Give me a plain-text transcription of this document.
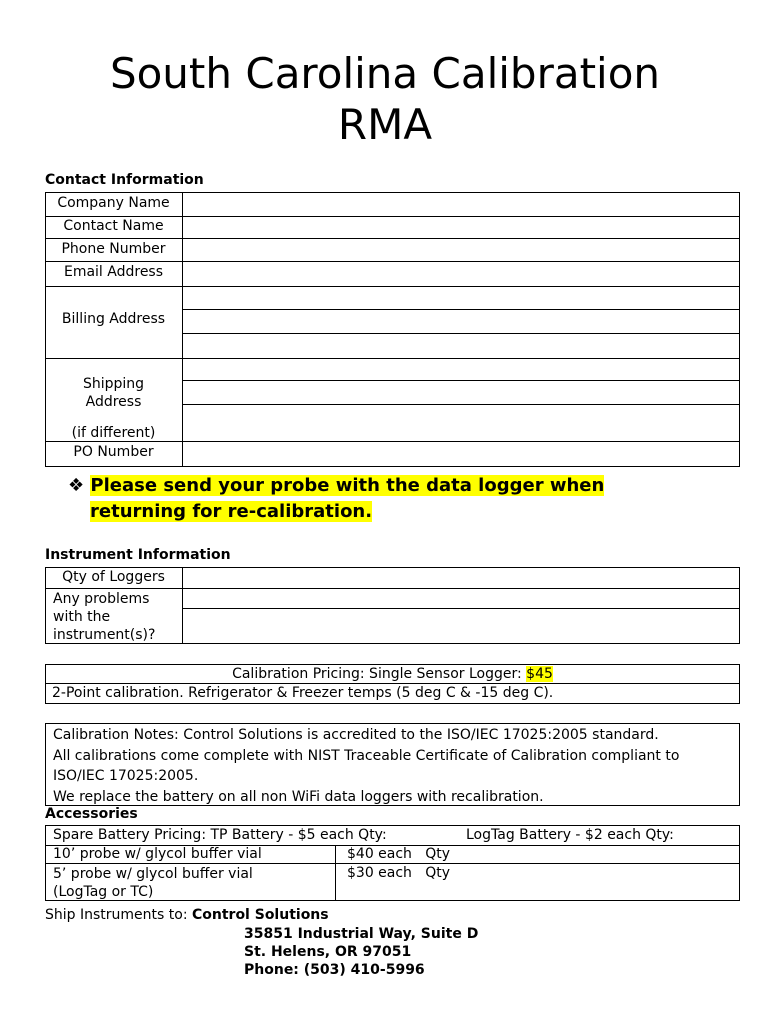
South Carolina Calibration
RMA
Contact Information
Company Name
Contact Name
Phone Number
Email Address
Billing Address
Shipping
Address
(if different)
PO Number
❖ Please send your probe with the data logger when
returning for re-calibration.
Instrument Information
Qty of Loggers
Any problems
with the
instrument(s)?
Calibration Pricing: Single Sensor Logger: $45
2-Point calibration. Refrigerator & Freezer temps (5 deg C & -15 deg C).
Calibration Notes: Control Solutions is accredited to the ISO/IEC 17025:2005 standard.
All calibrations come complete with NIST Traceable Certificate of Calibration compliant to
ISO/IEC 17025:2005.
We replace the battery on all non WiFi data loggers with recalibration.
Accessories
Spare Battery Pricing: TP Battery - $5 each Qty:	LogTag Battery - $2 each Qty:
10’ probe w/ glycol buffer vial	$40 each   Qty
5’ probe w/ glycol buffer vial
(LogTag or TC)
$30 each   Qty
Ship Instruments to: Control Solutions
35851 Industrial Way, Suite D
St. Helens, OR 97051
Phone: (503) 410-5996
